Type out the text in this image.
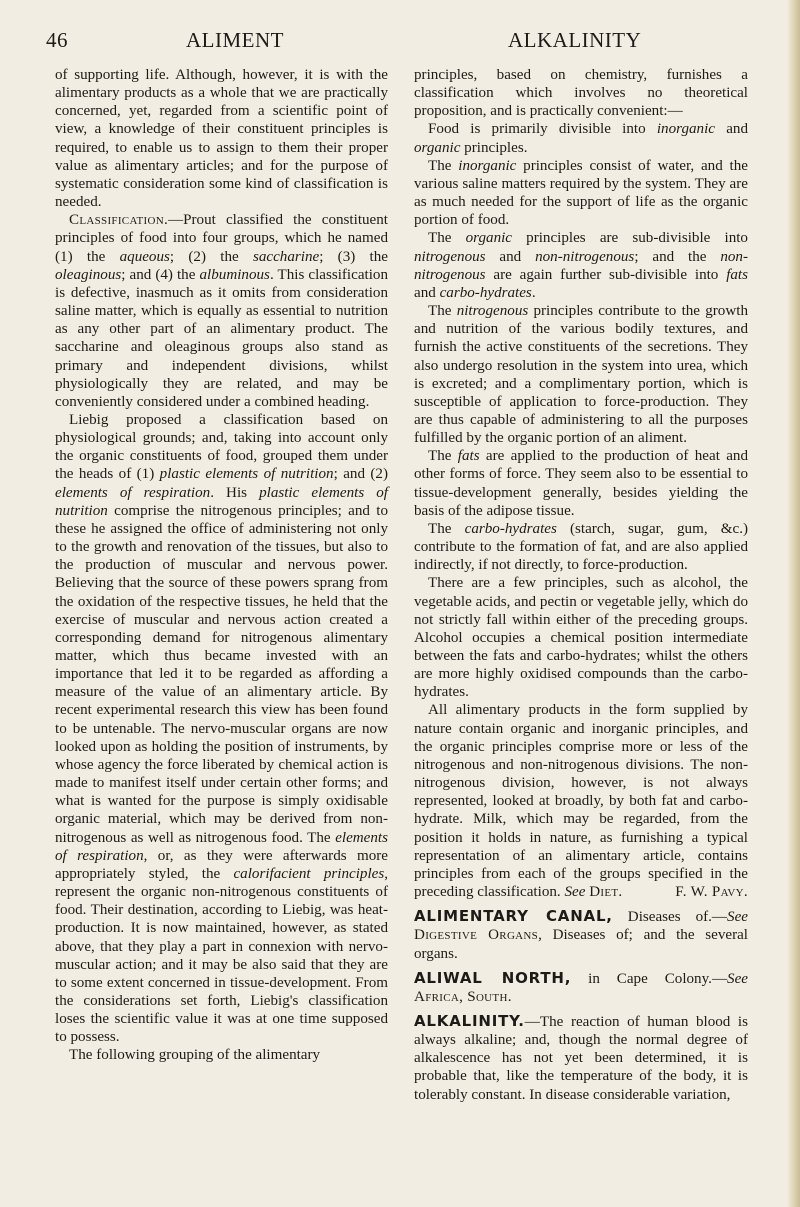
46	ALIMENT	ALKALINITY

of supporting life. Although, however, it is with the alimentary products as a whole that we are practically concerned, yet, regarded from a scientific point of view, a knowledge of their constituent principles is required, to enable us to assign to them their proper value as alimentary articles; and for the purpose of systematic consideration some kind of classification is needed.

Classification.—Prout classified the constituent principles of food into four groups, which he named (1) the aqueous; (2) the saccharine; (3) the oleaginous; and (4) the albuminous. This classification is defective, inasmuch as it omits from consideration saline matter, which is equally as essential to nutrition as any other part of an alimentary product. The saccharine and oleaginous groups also stand as primary and independent divisions, whilst physiologically they are related, and may be conveniently considered under a combined heading.

Liebig proposed a classification based on physiological grounds; and, taking into account only the organic constituents of food, grouped them under the heads of (1) plastic elements of nutrition; and (2) elements of respiration. His plastic elements of nutrition comprise the nitrogenous principles; and to these he assigned the office of administering not only to the growth and renovation of the tissues, but also to the production of muscular and nervous power. Believing that the source of these powers sprang from the oxidation of the respective tissues, he held that the exercise of muscular and nervous action created a corresponding demand for nitrogenous alimentary matter, which thus became invested with an importance that led it to be regarded as affording a measure of the value of an alimentary article. By recent experimental research this view has been found to be untenable. The nervo-muscular organs are now looked upon as holding the position of instruments, by whose agency the force liberated by chemical action is made to manifest itself under certain other forms; and what is wanted for the purpose is simply oxidisable organic material, which may be derived from non-nitrogenous as well as nitrogenous food. The elements of respiration, or, as they were afterwards more appropriately styled, the calorifacient principles, represent the organic non-nitrogenous constituents of food. Their destination, according to Liebig, was heat-production. It is now maintained, however, as stated above, that they play a part in connexion with nervo-muscular action; and it may be also said that they are to some extent concerned in tissue-development. From the considerations set forth, Liebig's classification loses the scientific value it was at one time supposed to possess.

The following grouping of the alimentary

principles, based on chemistry, furnishes a classification which involves no theoretical proposition, and is practically convenient:—

Food is primarily divisible into inorganic and organic principles.

The inorganic principles consist of water, and the various saline matters required by the system. They are as much needed for the support of life as the organic portion of food.

The organic principles are sub-divisible into nitrogenous and non-nitrogenous; and the non-nitrogenous are again further sub-divisible into fats and carbo-hydrates.

The nitrogenous principles contribute to the growth and nutrition of the various bodily textures, and furnish the active constituents of the secretions. They also undergo resolution in the system into urea, which is excreted; and a complimentary portion, which is susceptible of application to force-production. They are thus capable of administering to all the purposes fulfilled by the organic portion of an aliment.

The fats are applied to the production of heat and other forms of force. They seem also to be essential to tissue-development generally, besides yielding the basis of the adipose tissue.

The carbo-hydrates (starch, sugar, gum, &c.) contribute to the formation of fat, and are also applied indirectly, if not directly, to force-production.

There are a few principles, such as alcohol, the vegetable acids, and pectin or vegetable jelly, which do not strictly fall within either of the preceding groups. Alcohol occupies a chemical position intermediate between the fats and carbo-hydrates; whilst the others are more highly oxidised compounds than the carbo-hydrates.

All alimentary products in the form supplied by nature contain organic and inorganic principles, and the organic principles comprise more or less of the nitrogenous and non-nitrogenous divisions. The non-nitrogenous division, however, is not always represented, looked at broadly, by both fat and carbo-hydrate. Milk, which may be regarded, from the position it holds in nature, as furnishing a typical representation of an alimentary article, contains principles from each of the groups specified in the preceding classification. See Diet.	F. W. Pavy.

ALIMENTARY CANAL, Diseases of.—See Digestive Organs, Diseases of; and the several organs.

ALIWAL NORTH, in Cape Colony.—See Africa, South.

ALKALINITY.—The reaction of human blood is always alkaline; and, though the normal degree of alkalescence has not yet been determined, it is probable that, like the temperature of the body, it is tolerably constant. In disease considerable variation,
